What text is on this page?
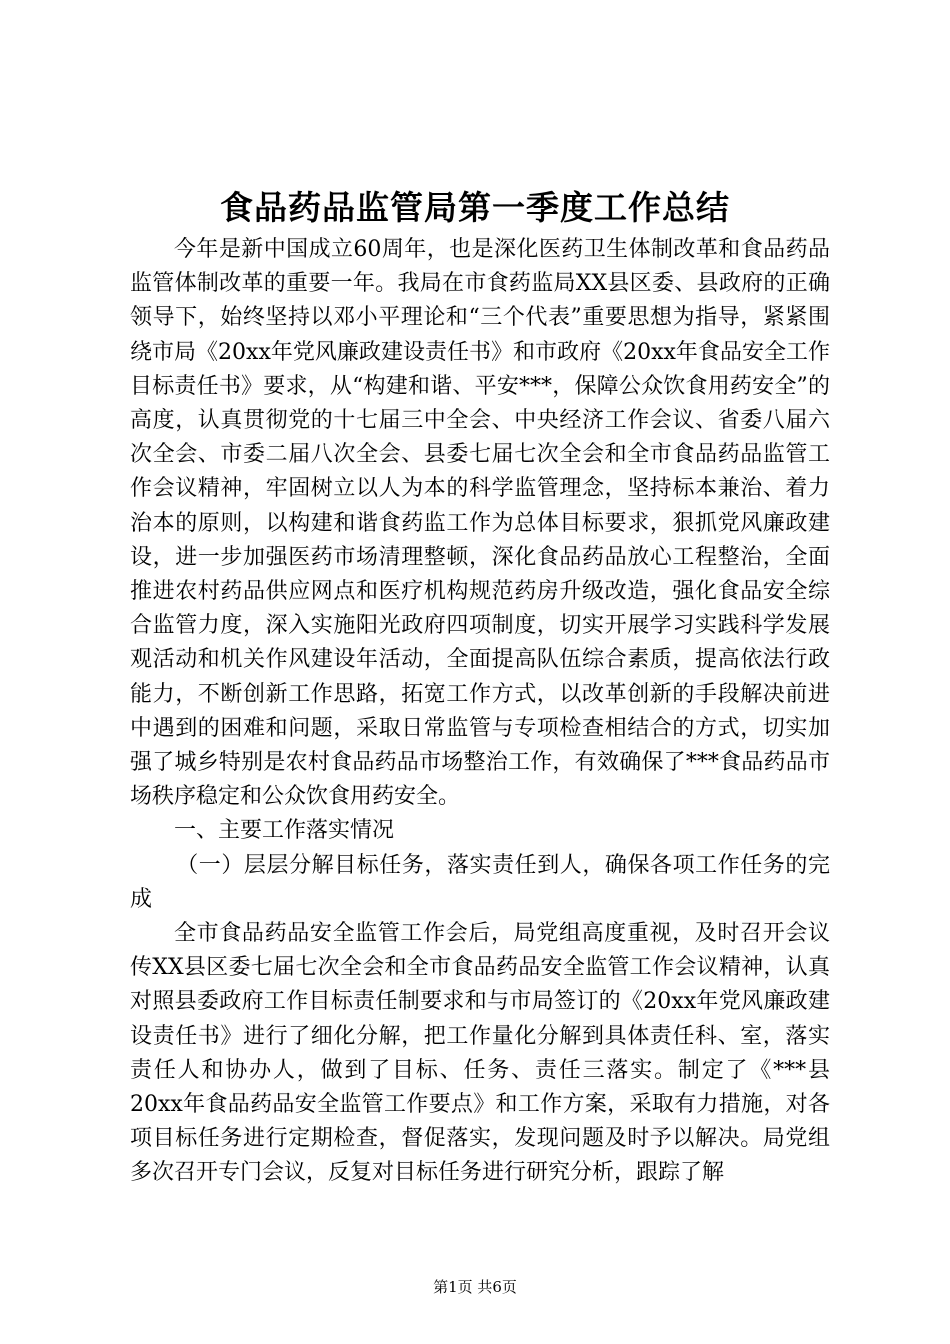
食品药品监管局第一季度工作总结

今年是新中国成立60周年，也是深化医药卫生体制改革和食品药品监管体制改革的重要一年。我局在市食药监局XX县区委、县政府的正确领导下，始终坚持以邓小平理论和“三个代表”重要思想为指导，紧紧围绕市局《20xx年党风廉政建设责任书》和市政府《20xx年食品安全工作目标责任书》要求，从“构建和谐、平安***，保障公众饮食用药安全”的高度，认真贯彻党的十七届三中全会、中央经济工作会议、省委八届六次全会、市委二届八次全会、县委七届七次全会和全市食品药品监管工作会议精神，牢固树立以人为本的科学监管理念，坚持标本兼治、着力治本的原则，以构建和谐食药监工作为总体目标要求，狠抓党风廉政建设，进一步加强医药市场清理整顿，深化食品药品放心工程整治，全面推进农村药品供应网点和医疗机构规范药房升级改造，强化食品安全综合监管力度，深入实施阳光政府四项制度，切实开展学习实践科学发展观活动和机关作风建设年活动，全面提高队伍综合素质，提高依法行政能力，不断创新工作思路，拓宽工作方式，以改革创新的手段解决前进中遇到的困难和问题，采取日常监管与专项检查相结合的方式，切实加强了城乡特别是农村食品药品市场整治工作，有效确保了***食品药品市场秩序稳定和公众饮食用药安全。

一、主要工作落实情况

（一）层层分解目标任务，落实责任到人，确保各项工作任务的完成

全市食品药品安全监管工作会后，局党组高度重视，及时召开会议传XX县区委七届七次全会和全市食品药品安全监管工作会议精神，认真对照县委政府工作目标责任制要求和与市局签订的《20xx年党风廉政建设责任书》进行了细化分解，把工作量化分解到具体责任科、室，落实责任人和协办人，做到了目标、任务、责任三落实。制定了《***县20xx年食品药品安全监管工作要点》和工作方案，采取有力措施，对各项目标任务进行定期检查，督促落实，发现问题及时予以解决。局党组多次召开专门会议，反复对目标任务进行研究分析，跟踪了解

第1页 共6页
